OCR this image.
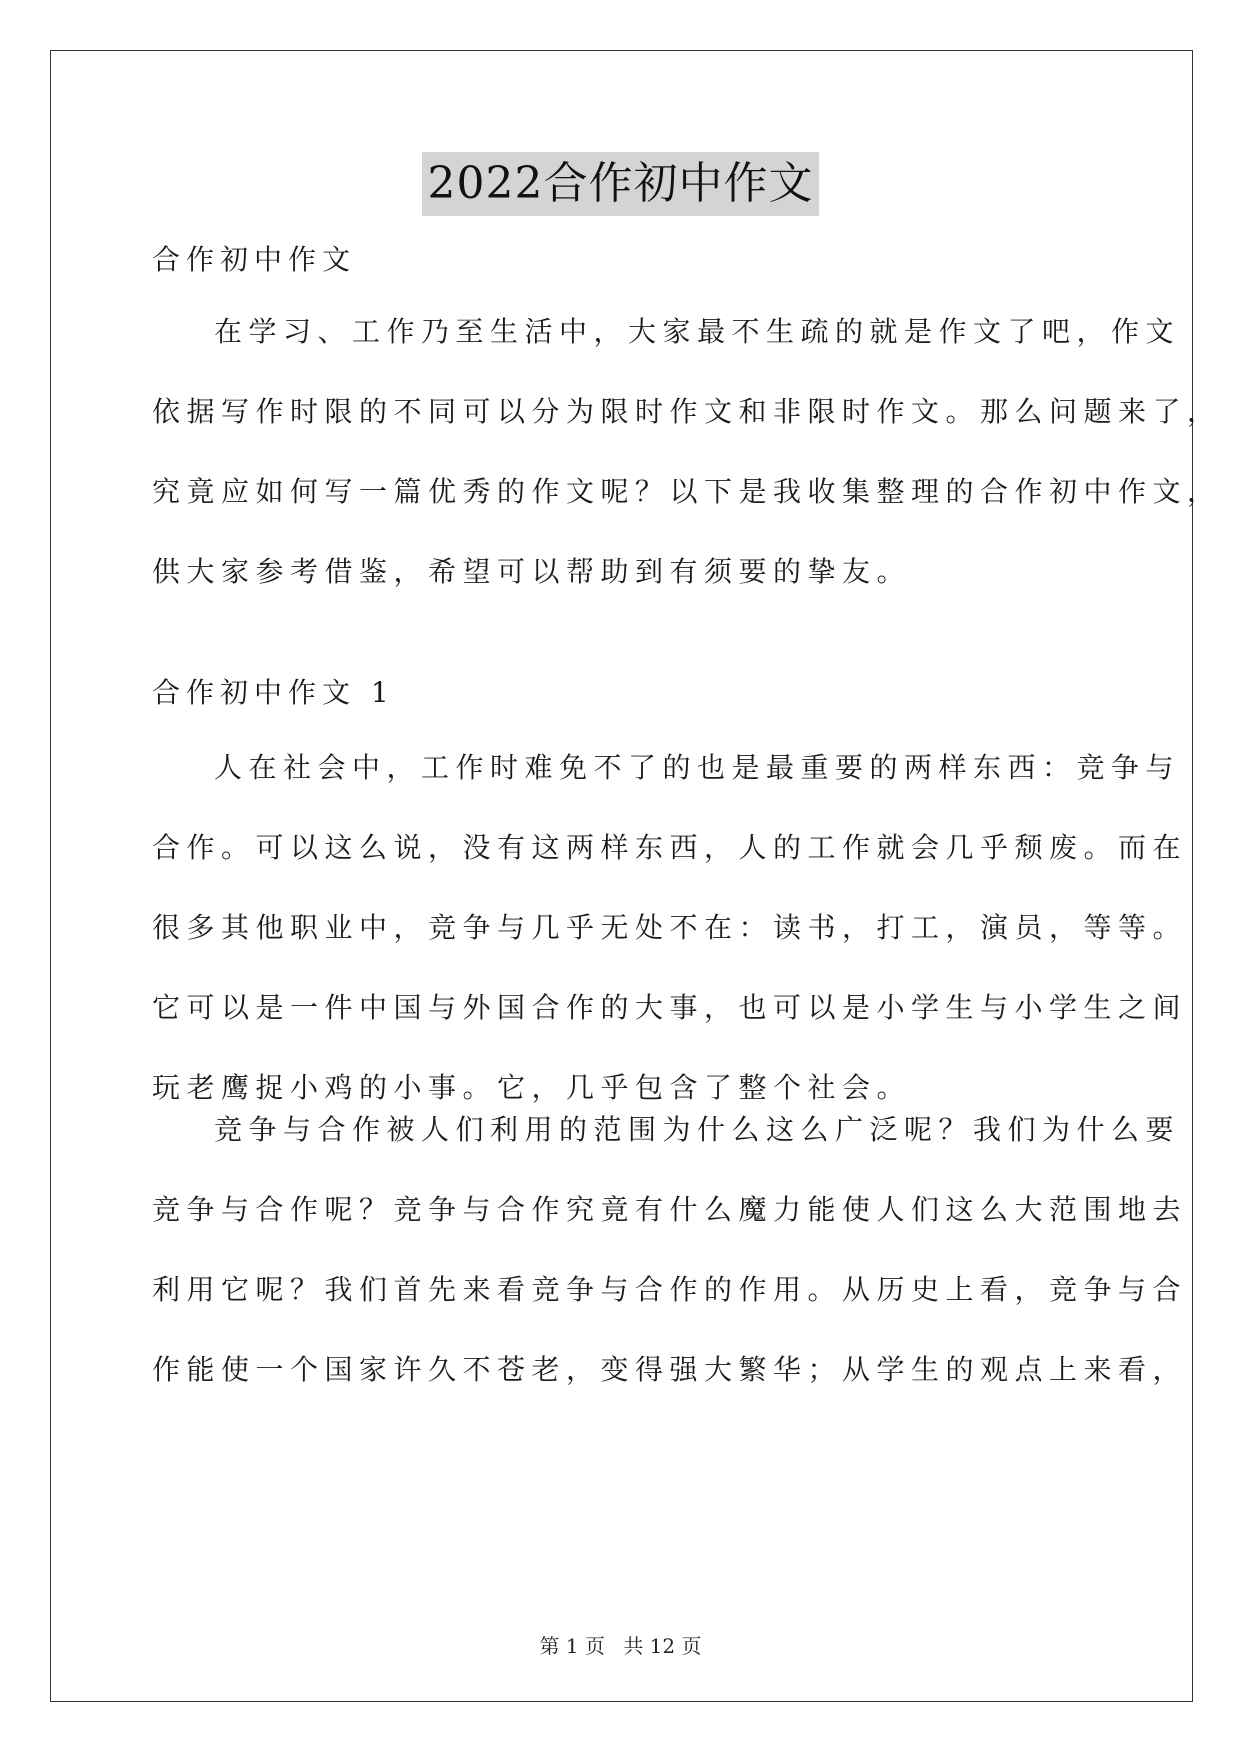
2022合作初中作文

合作初中作文

在学习、工作乃至生活中，大家最不生疏的就是作文了吧，作文
依据写作时限的不同可以分为限时作文和非限时作文。那么问题来了，
究竟应如何写一篇优秀的作文呢？以下是我收集整理的合作初中作文，
供大家参考借鉴，希望可以帮助到有须要的挚友。

合作初中作文 1

人在社会中，工作时难免不了的也是最重要的两样东西：竞争与
合作。可以这么说，没有这两样东西，人的工作就会几乎颓废。而在
很多其他职业中，竞争与几乎无处不在：读书，打工，演员，等等。
它可以是一件中国与外国合作的大事，也可以是小学生与小学生之间
玩老鹰捉小鸡的小事。它，几乎包含了整个社会。
竞争与合作被人们利用的范围为什么这么广泛呢？我们为什么要
竞争与合作呢？竞争与合作究竟有什么魔力能使人们这么大范围地去
利用它呢？我们首先来看竞争与合作的作用。从历史上看，竞争与合
作能使一个国家许久不苍老，变得强大繁华；从学生的观点上来看，
第 1 页 共 12 页
